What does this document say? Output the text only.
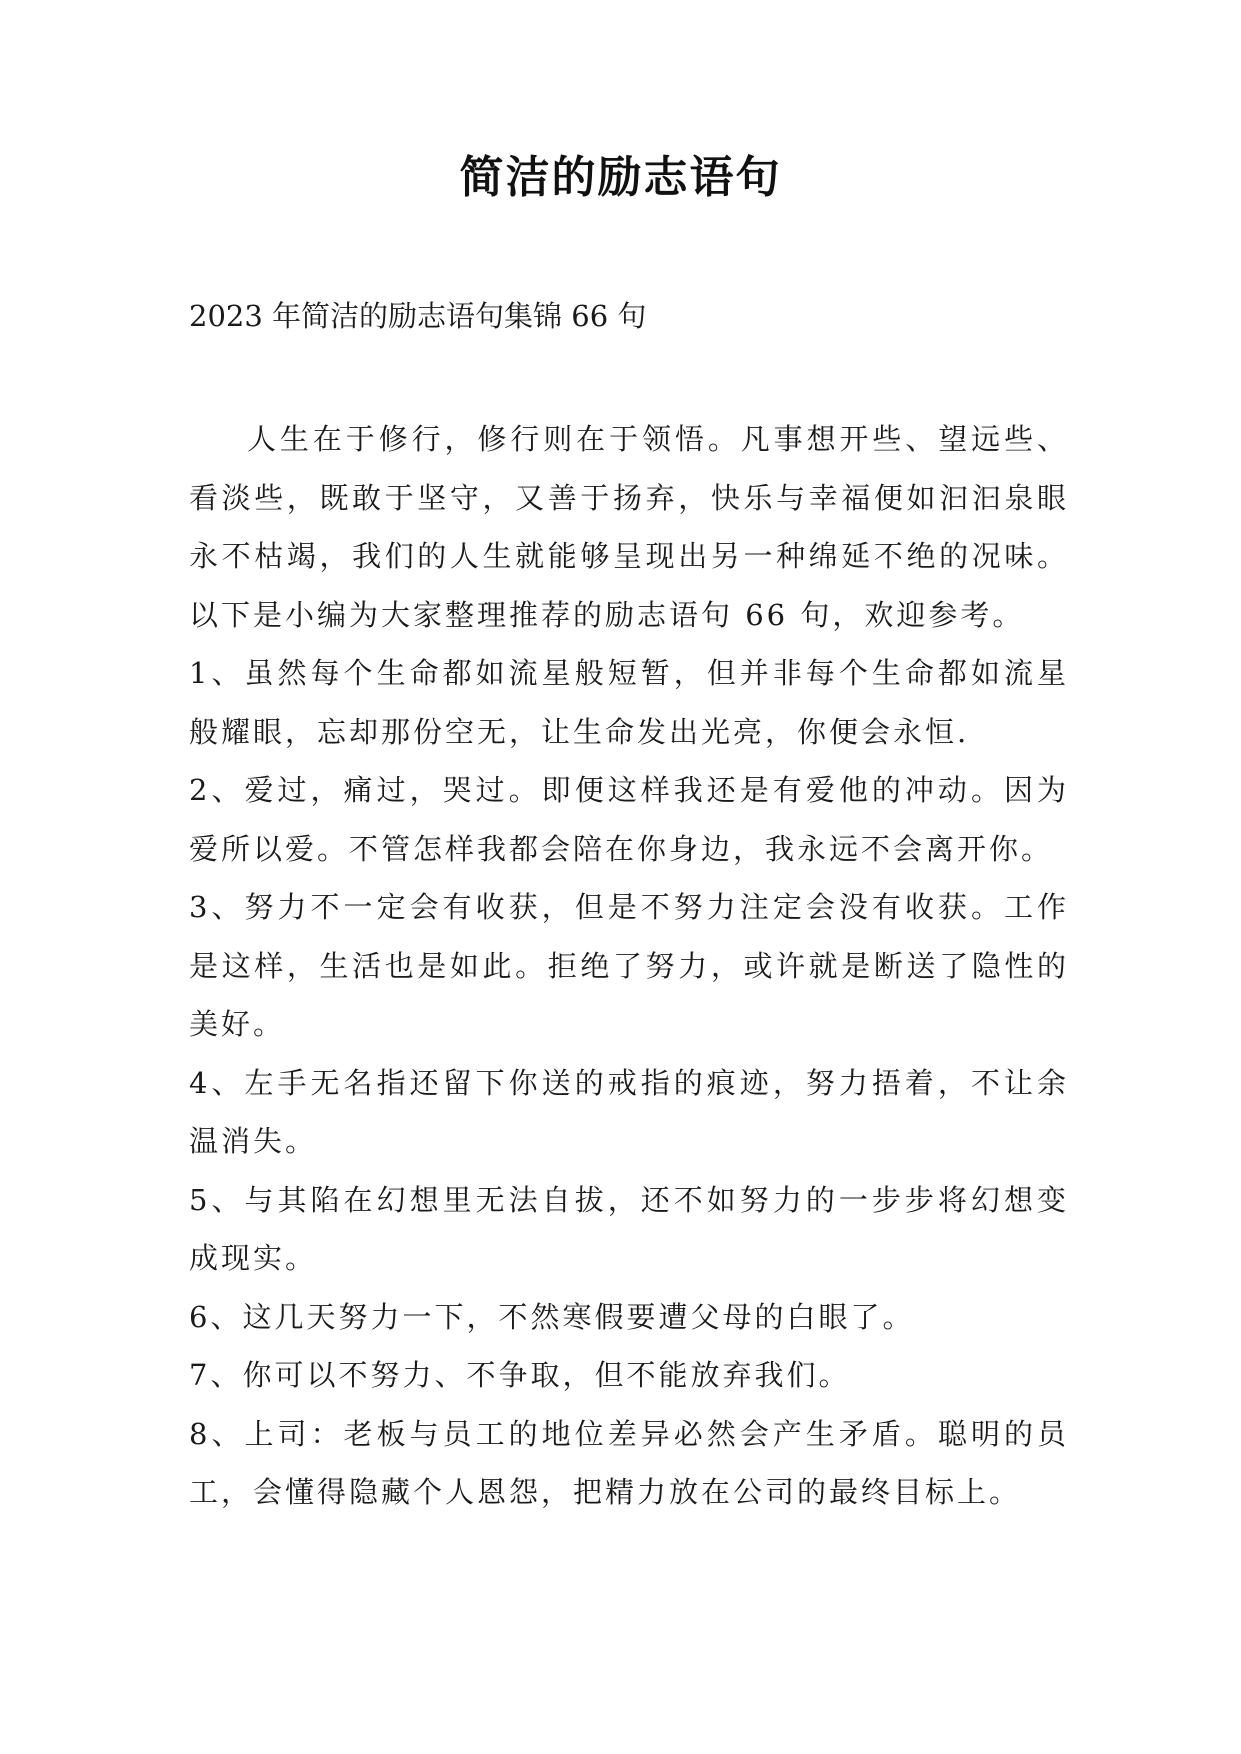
简洁的励志语句
2023 年简洁的励志语句集锦 66 句

人生在于修行，修行则在于领悟。凡事想开些、望远些、看淡些，既敢于坚守，又善于扬弃，快乐与幸福便如汩汩泉眼永不枯竭，我们的人生就能够呈现出另一种绵延不绝的况味。以下是小编为大家整理推荐的励志语句 66 句，欢迎参考。

1、虽然每个生命都如流星般短暂，但并非每个生命都如流星般耀眼，忘却那份空无，让生命发出光亮，你便会永恒.

2、爱过，痛过，哭过。即便这样我还是有爱他的冲动。因为爱所以爱。不管怎样我都会陪在你身边，我永远不会离开你。

3、努力不一定会有收获，但是不努力注定会没有收获。工作是这样，生活也是如此。拒绝了努力，或许就是断送了隐性的美好。

4、左手无名指还留下你送的戒指的痕迹，努力捂着，不让余温消失。

5、与其陷在幻想里无法自拔，还不如努力的一步步将幻想变成现实。

6、这几天努力一下，不然寒假要遭父母的白眼了。

7、你可以不努力、不争取，但不能放弃我们。

8、上司：老板与员工的地位差异必然会产生矛盾。聪明的员工，会懂得隐藏个人恩怨，把精力放在公司的最终目标上。
